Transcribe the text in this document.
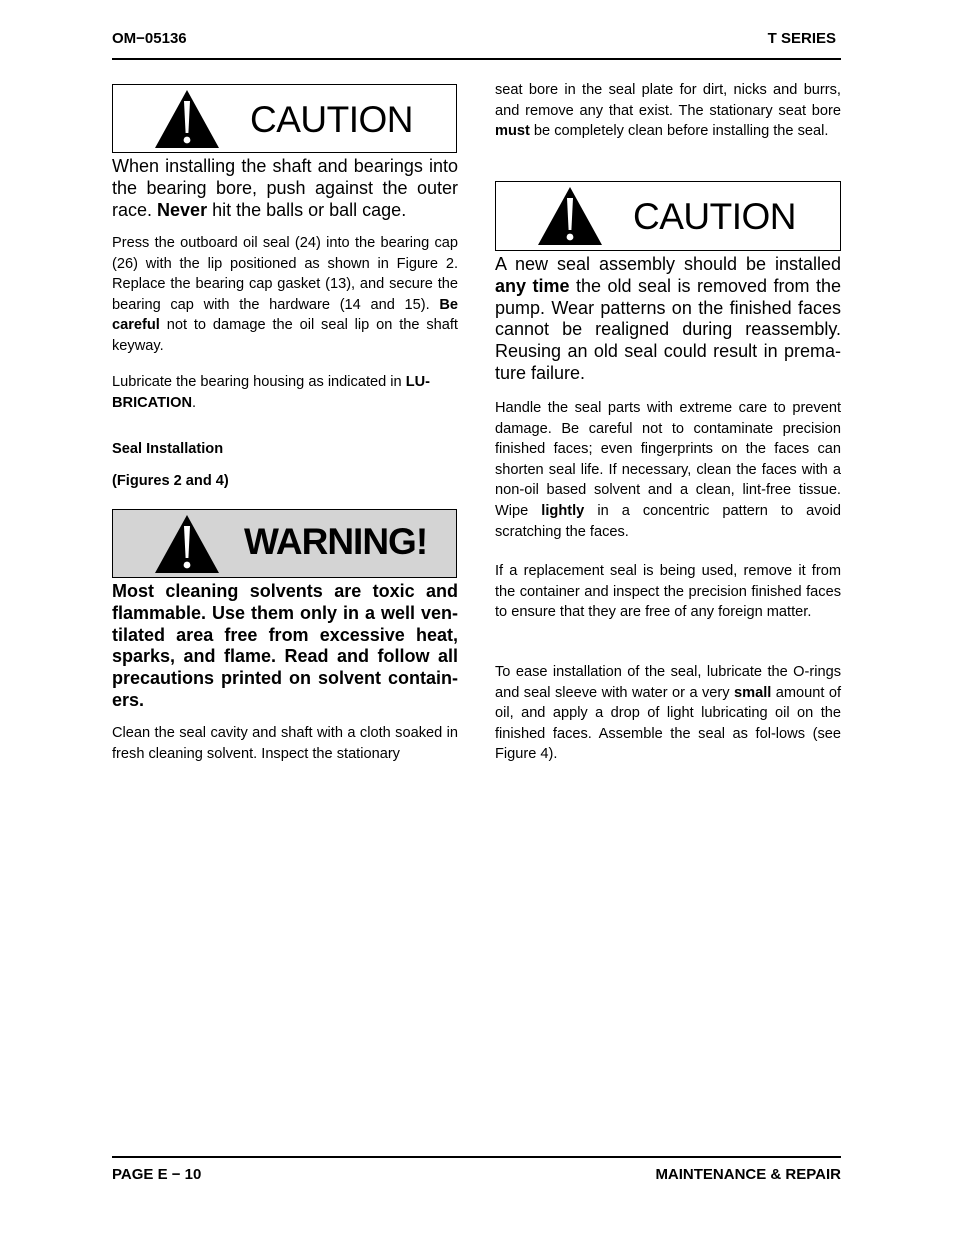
OM−05136	T SERIES
CAUTION

When installing the shaft and bearings into the bearing bore, push against the outer race. Never hit the balls or ball cage.

Press the outboard oil seal (24) into the bearing cap (26) with the lip positioned as shown in Figure 2. Replace the bearing cap gasket (13), and secure the bearing cap with the hardware (14 and 15). Be careful not to damage the oil seal lip on the shaft keyway.

Lubricate the bearing housing as indicated in LU-BRICATION.

Seal Installation
(Figures 2 and 4)
WARNING!

Most cleaning solvents are toxic and flammable. Use them only in a well ven-tilated area free from excessive heat, sparks, and flame. Read and follow all precautions printed on solvent contain-ers.

Clean the seal cavity and shaft with a cloth soaked in fresh cleaning solvent. Inspect the stationary

seat bore in the seal plate for dirt, nicks and burrs, and remove any that exist. The stationary seat bore must be completely clean before installing the seal.

CAUTION

A new seal assembly should be installed any time the old seal is removed from the pump. Wear patterns on the finished faces cannot be realigned during reassembly. Reusing an old seal could result in prema-ture failure.

Handle the seal parts with extreme care to prevent damage. Be careful not to contaminate precision finished faces; even fingerprints on the faces can shorten seal life. If necessary, clean the faces with a non-oil based solvent and a clean, lint-free tissue. Wipe lightly in a concentric pattern to avoid scratching the faces.

If a replacement seal is being used, remove it from the container and inspect the precision finished faces to ensure that they are free of any foreign matter.

To ease installation of the seal, lubricate the O-rings and seal sleeve with water or a very small amount of oil, and apply a drop of light lubricating oil on the finished faces. Assemble the seal as fol-lows (see Figure 4).

PAGE E − 10	MAINTENANCE & REPAIR
